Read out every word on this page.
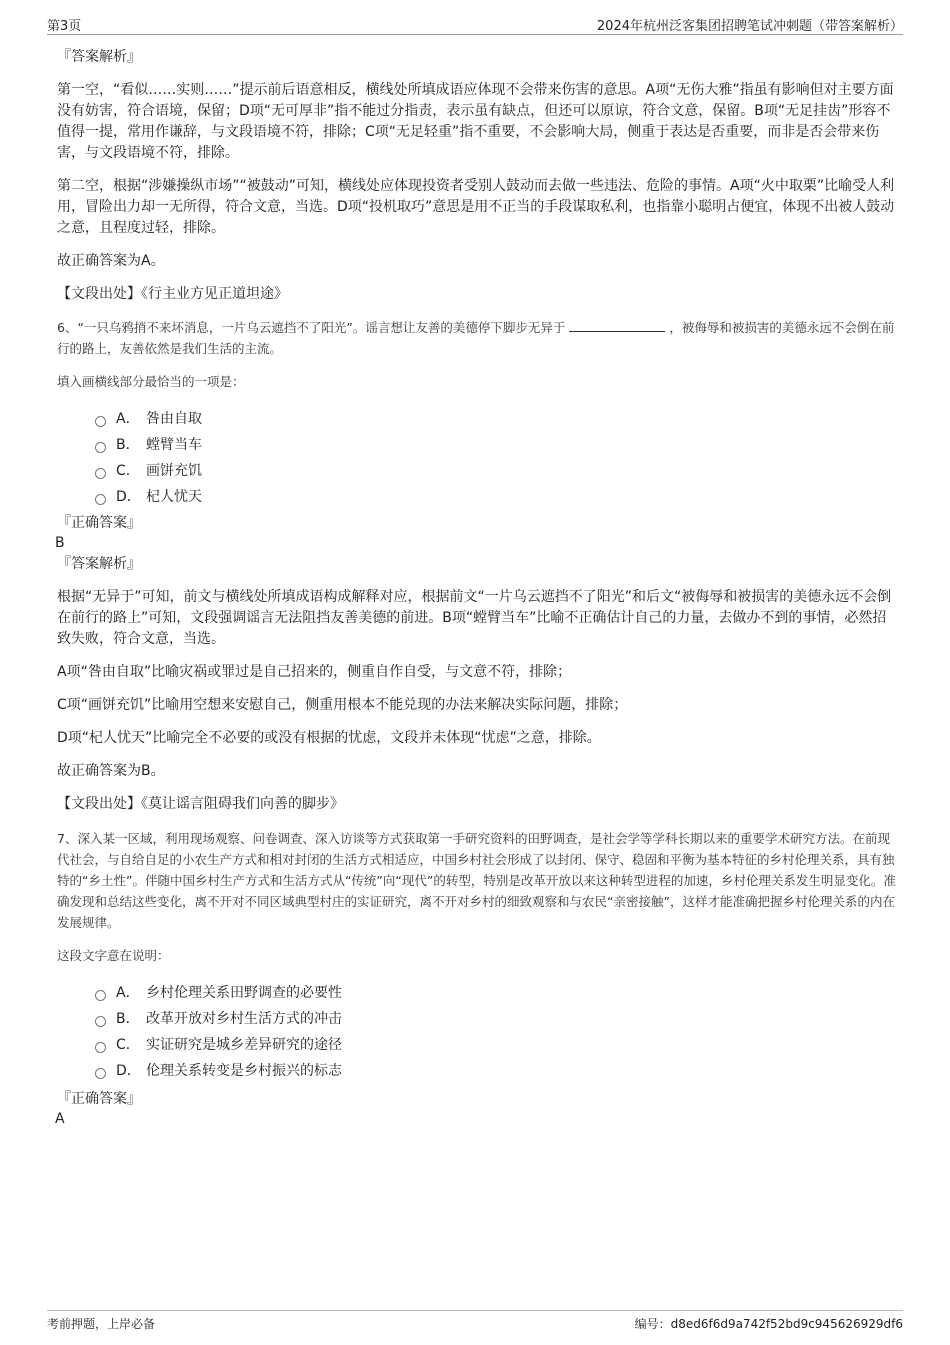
第3页	2024年杭州泛客集团招聘笔试冲刺题（带答案解析）
『答案解析』

第一空，“看似……实则……”提示前后语意相反，横线处所填成语应体现不会带来伤害的意思。A项“无伤大雅”指虽有影响但对主要方面没有妨害，符合语境，保留；D项“无可厚非”指不能过分指责，表示虽有缺点，但还可以原谅，符合文意，保留。B项“无足挂齿”形容不值得一提，常用作谦辞，与文段语境不符，排除；C项“无足轻重”指不重要，不会影响大局，侧重于表达是否重要，而非是否会带来伤害，与文段语境不符，排除。

第二空，根据“涉嫌操纵市场”“被鼓动”可知，横线处应体现投资者受别人鼓动而去做一些违法、危险的事情。A项“火中取栗”比喻受人利用，冒险出力却一无所得，符合文意，当选。D项“投机取巧”意思是用不正当的手段谋取私利，也指靠小聪明占便宜，体现不出被人鼓动之意，且程度过轻，排除。

故正确答案为A。

【文段出处】《行主业方见正道坦途》

6、“一只乌鸦捎不来坏消息，一片乌云遮挡不了阳光”。谣言想让友善的美德停下脚步无异于	，被侮辱和被损害的美德永远不会倒在前行的路上，友善依然是我们生活的主流。

填入画横线部分最恰当的一项是：

A． 咎由自取
B． 螳臂当车
C． 画饼充饥
D． 杞人忧天
『正确答案』
B
『答案解析』

根据“无异于”可知，前文与横线处所填成语构成解释对应，根据前文“一片乌云遮挡不了阳光”和后文“被侮辱和被损害的美德永远不会倒在前行的路上”可知，文段强调谣言无法阻挡友善美德的前进。B项“螳臂当车”比喻不正确估计自己的力量，去做办不到的事情，必然招致失败，符合文意，当选。

A项“咎由自取”比喻灾祸或罪过是自己招来的，侧重自作自受，与文意不符，排除；

C项“画饼充饥”比喻用空想来安慰自己，侧重用根本不能兑现的办法来解决实际问题，排除；

D项“杞人忧天”比喻完全不必要的或没有根据的忧虑，文段并未体现“忧虑”之意，排除。

故正确答案为B。

【文段出处】《莫让谣言阻碍我们向善的脚步》

7、深入某一区域，利用现场观察、问卷调查、深入访谈等方式获取第一手研究资料的田野调查，是社会学等学科长期以来的重要学术研究方法。在前现代社会，与自给自足的小农生产方式和相对封闭的生活方式相适应，中国乡村社会形成了以封闭、保守、稳固和平衡为基本特征的乡村伦理关系，具有独特的“乡土性”。伴随中国乡村生产方式和生活方式从“传统”向“现代”的转型，特别是改革开放以来这种转型进程的加速，乡村伦理关系发生明显变化。准确发现和总结这些变化，离不开对不同区域典型村庄的实证研究，离不开对乡村的细致观察和与农民“亲密接触”，这样才能准确把握乡村伦理关系的内在发展规律。

这段文字意在说明：

A． 乡村伦理关系田野调查的必要性
B． 改革开放对乡村生活方式的冲击
C． 实证研究是城乡差异研究的途径
D． 伦理关系转变是乡村振兴的标志
『正确答案』
A
考前押题，上岸必备	编号：d8ed6f6d9a742f52bd9c945626929df6
